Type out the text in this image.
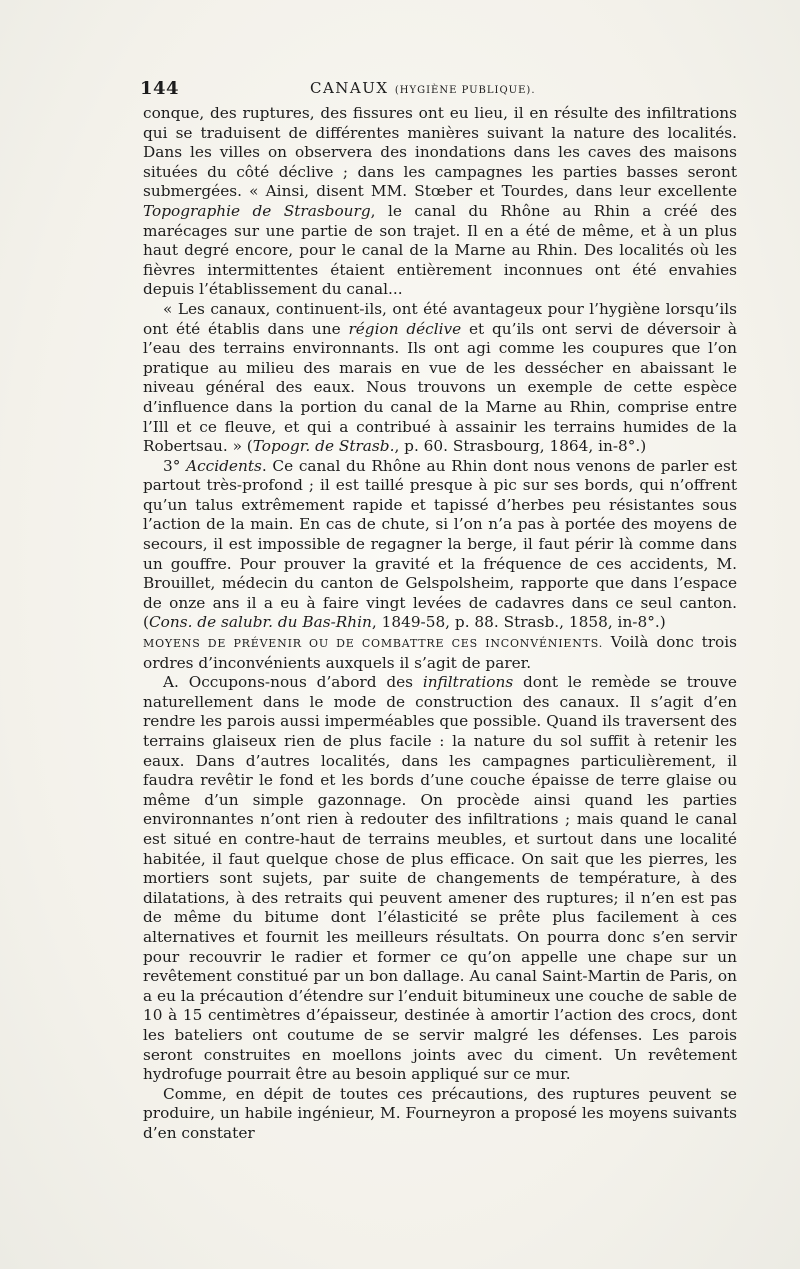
144	CANAUX (HYGIÈNE PUBLIQUE).

conque, des ruptures, des fissures ont eu lieu, il en résulte des infiltrations qui se traduisent de différentes manières suivant la nature des localités. Dans les villes on observera des inondations dans les caves des maisons situées du côté déclive ; dans les campagnes les parties basses seront submergées. « Ainsi, disent MM. Stœber et Tourdes, dans leur excellente Topographie de Strasbourg, le canal du Rhône au Rhin a créé des marécages sur une partie de son trajet. Il en a été de même, et à un plus haut degré encore, pour le canal de la Marne au Rhin. Des localités où les fièvres intermittentes étaient entièrement inconnues ont été envahies depuis l’établissement du canal...

« Les canaux, continuent-ils, ont été avantageux pour l’hygiène lorsqu’ils ont été établis dans une région déclive et qu’ils ont servi de déversoir à l’eau des terrains environnants. Ils ont agi comme les coupures que l’on pratique au milieu des marais en vue de les dessécher en abaissant le niveau général des eaux. Nous trouvons un exemple de cette espèce d’influence dans la portion du canal de la Marne au Rhin, comprise entre l’Ill et ce fleuve, et qui a contribué à assainir les terrains humides de la Robertsau. » (Topogr. de Strasb., p. 60. Strasbourg, 1864, in-8°.)

3° Accidents. Ce canal du Rhône au Rhin dont nous venons de parler est partout très-profond ; il est taillé presque à pic sur ses bords, qui n’offrent qu’un talus extrêmement rapide et tapissé d’herbes peu résistantes sous l’action de la main. En cas de chute, si l’on n’a pas à portée des moyens de secours, il est impossible de regagner la berge, il faut périr là comme dans un gouffre. Pour prouver la gravité et la fréquence de ces accidents, M. Brouillet, médecin du canton de Gelspolsheim, rapporte que dans l’espace de onze ans il a eu à faire vingt levées de cadavres dans ce seul canton. (Cons. de salubr. du Bas-Rhin, 1849-58, p. 88. Strasb., 1858, in-8°.)

MOYENS DE PRÉVENIR OU DE COMBATTRE CES INCONVÉNIENTS. Voilà donc trois ordres d’inconvénients auxquels il s’agit de parer.

A. Occupons-nous d’abord des infiltrations dont le remède se trouve naturellement dans le mode de construction des canaux. Il s’agit d’en rendre les parois aussi imperméables que possible. Quand ils traversent des terrains glaiseux rien de plus facile : la nature du sol suffit à retenir les eaux. Dans d’autres localités, dans les campagnes particulièrement, il faudra revêtir le fond et les bords d’une couche épaisse de terre glaise ou même d’un simple gazonnage. On procède ainsi quand les parties environnantes n’ont rien à redouter des infiltrations ; mais quand le canal est situé en contre-haut de terrains meubles, et surtout dans une localité habitée, il faut quelque chose de plus efficace. On sait que les pierres, les mortiers sont sujets, par suite de changements de température, à des dilatations, à des retraits qui peuvent amener des ruptures; il n’en est pas de même du bitume dont l’élasticité se prête plus facilement à ces alternatives et fournit les meilleurs résultats. On pourra donc s’en servir pour recouvrir le radier et former ce qu’on appelle une chape sur un revêtement constitué par un bon dallage. Au canal Saint-Martin de Paris, on a eu la précaution d’étendre sur l’enduit bitumineux une couche de sable de 10 à 15 centimètres d’épaisseur, destinée à amortir l’action des crocs, dont les bateliers ont coutume de se servir malgré les défenses. Les parois seront construites en moellons joints avec du ciment. Un revêtement hydrofuge pourrait être au besoin appliqué sur ce mur.

Comme, en dépit de toutes ces précautions, des ruptures peuvent se produire, un habile ingénieur, M. Fourneyron a proposé les moyens suivants d’en constater
